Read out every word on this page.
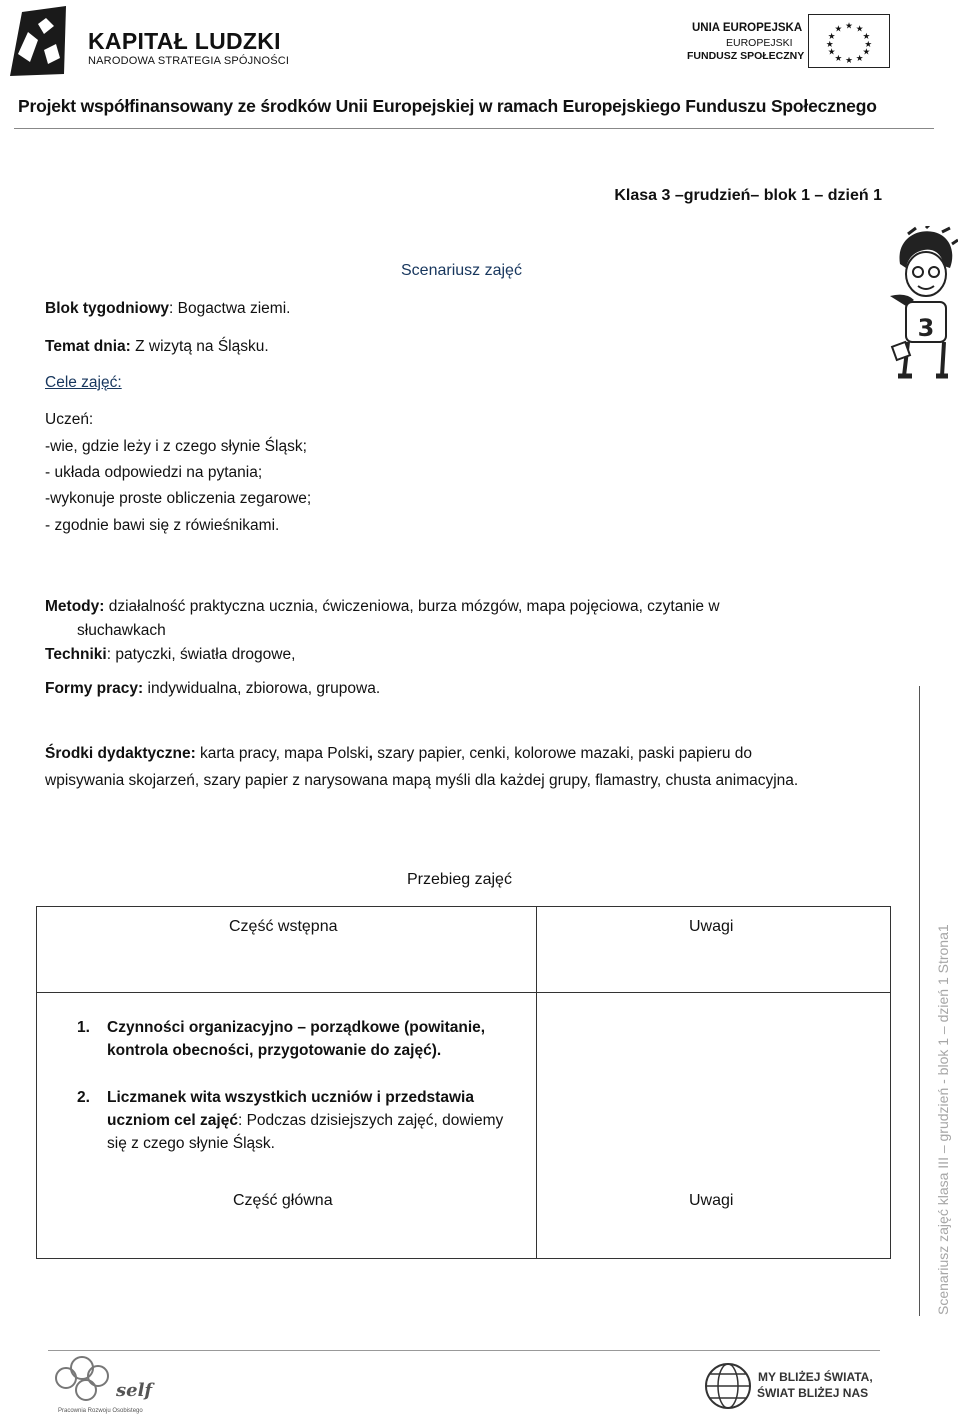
KAPITAŁ LUDZKI
NARODOWA STRATEGIA SPÓJNOŚCI
UNIA EUROPEJSKA
EUROPEJSKI
FUNDUSZ SPOŁECZNY
★ ★
★
★
★
★
★
★
★
★
★
★
Projekt współfinansowany ze środków Unii Europejskiej w ramach Europejskiego Funduszu Społecznego
Klasa 3 –grudzień– blok 1 – dzień 1
Scenariusz zajęć
3
Blok tygodniowy: Bogactwa ziemi.
Temat dnia: Z wizytą na Śląsku.
Cele zajęć:
Uczeń:
-wie, gdzie leży i z czego słynie Śląsk;
- układa odpowiedzi na pytania;
-wykonuje proste obliczenia zegarowe;
- zgodnie bawi się z rówieśnikami.
Metody: działalność praktyczna ucznia, ćwiczeniowa, burza mózgów, mapa pojęciowa, czytanie w
słuchawkach
Techniki: patyczki, światła drogowe,
Formy pracy: indywidualna, zbiorowa, grupowa.
Środki dydaktyczne: karta pracy, mapa Polski, szary papier, cenki, kolorowe mazaki, paski papieru do wpisywania skojarzeń, szary papier z narysowana mapą myśli dla każdej grupy, flamastry, chusta animacyjna.
Przebieg zajęć
Część wstępna	Uwagi
1. Czynności organizacyjno – porządkowe (powitanie, kontrola obecności, przygotowanie do zajęć).
2. Liczmanek wita wszystkich uczniów i przedstawia uczniom cel zajęć: Podczas dzisiejszych zajęć, dowiemy się z czego słynie Śląsk.
Część główna	Uwagi	Scenariusz zajęć klasa III – grudzień - blok 1 – dzień 1 Strona1
self
Pracownia Rozwoju Osobistego
MY BLIŻEJ ŚWIATA,
ŚWIAT BLIŻEJ NAS
